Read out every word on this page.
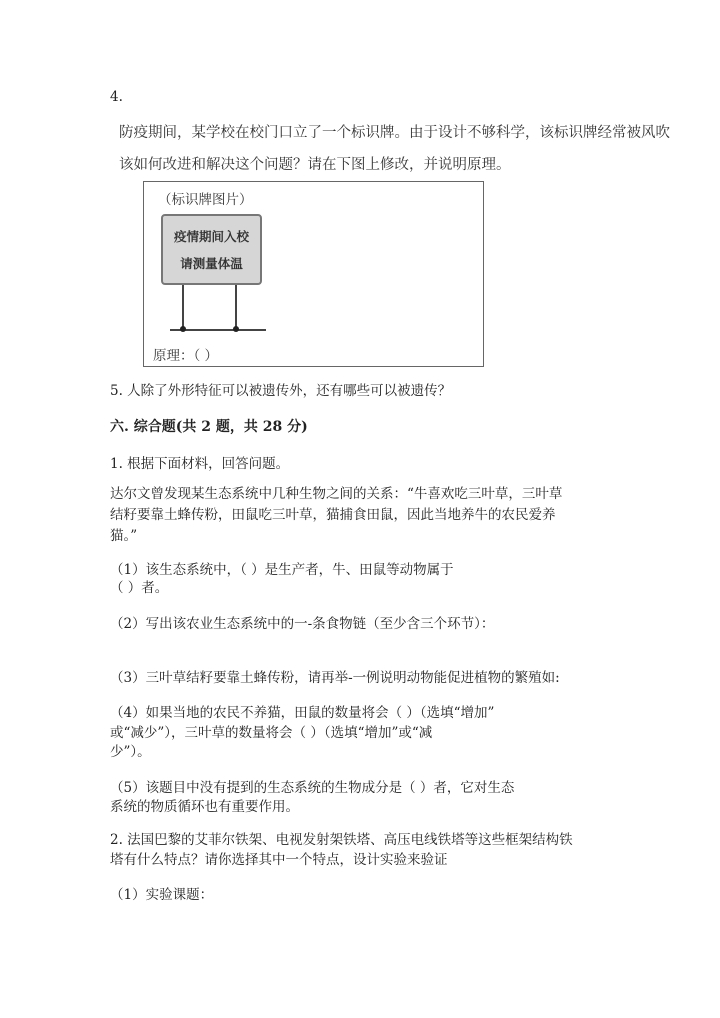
4.
防疫期间，某学校在校门口立了一个标识牌。由于设计不够科学，该标识牌经常被风吹
该如何改进和解决这个问题？请在下图上修改，并说明原理。
（标识牌图片）
疫情期间入校
请测量体温
原理：（ ）
5. 人除了外形特征可以被遗传外，还有哪些可以被遗传？
六. 综合题(共 2 题，共 28 分)
1. 根据下面材料，回答问题。
达尔文曾发现某生态系统中几种生物之间的关系：“牛喜欢吃三叶草，三叶草
结籽要靠土蜂传粉，田鼠吃三叶草，猫捕食田鼠，因此当地养牛的农民爱养
猫。”
（1）该生态系统中，（ ）是生产者，牛、田鼠等动物属于
（ ）者。
（2）写出该农业生态系统中的一-条食物链（至少含三个环节）：
（3）三叶草结籽要靠土蜂传粉，请再举-一例说明动物能促进植物的繁殖如:
（4）如果当地的农民不养猫，田鼠的数量将会（ ）（选填“增加”
或“减少”），三叶草的数量将会（ ）（选填“增加”或“减
少”）。
（5）该题目中没有提到的生态系统的生物成分是（ ）者，它对生态
系统的物质循环也有重要作用。
2. 法国巴黎的艾菲尔铁架、电视发射架铁塔、高压电线铁塔等这些框架结构铁
塔有什么特点？请你选择其中一个特点，设计实验来验证
（1）实验课题：
